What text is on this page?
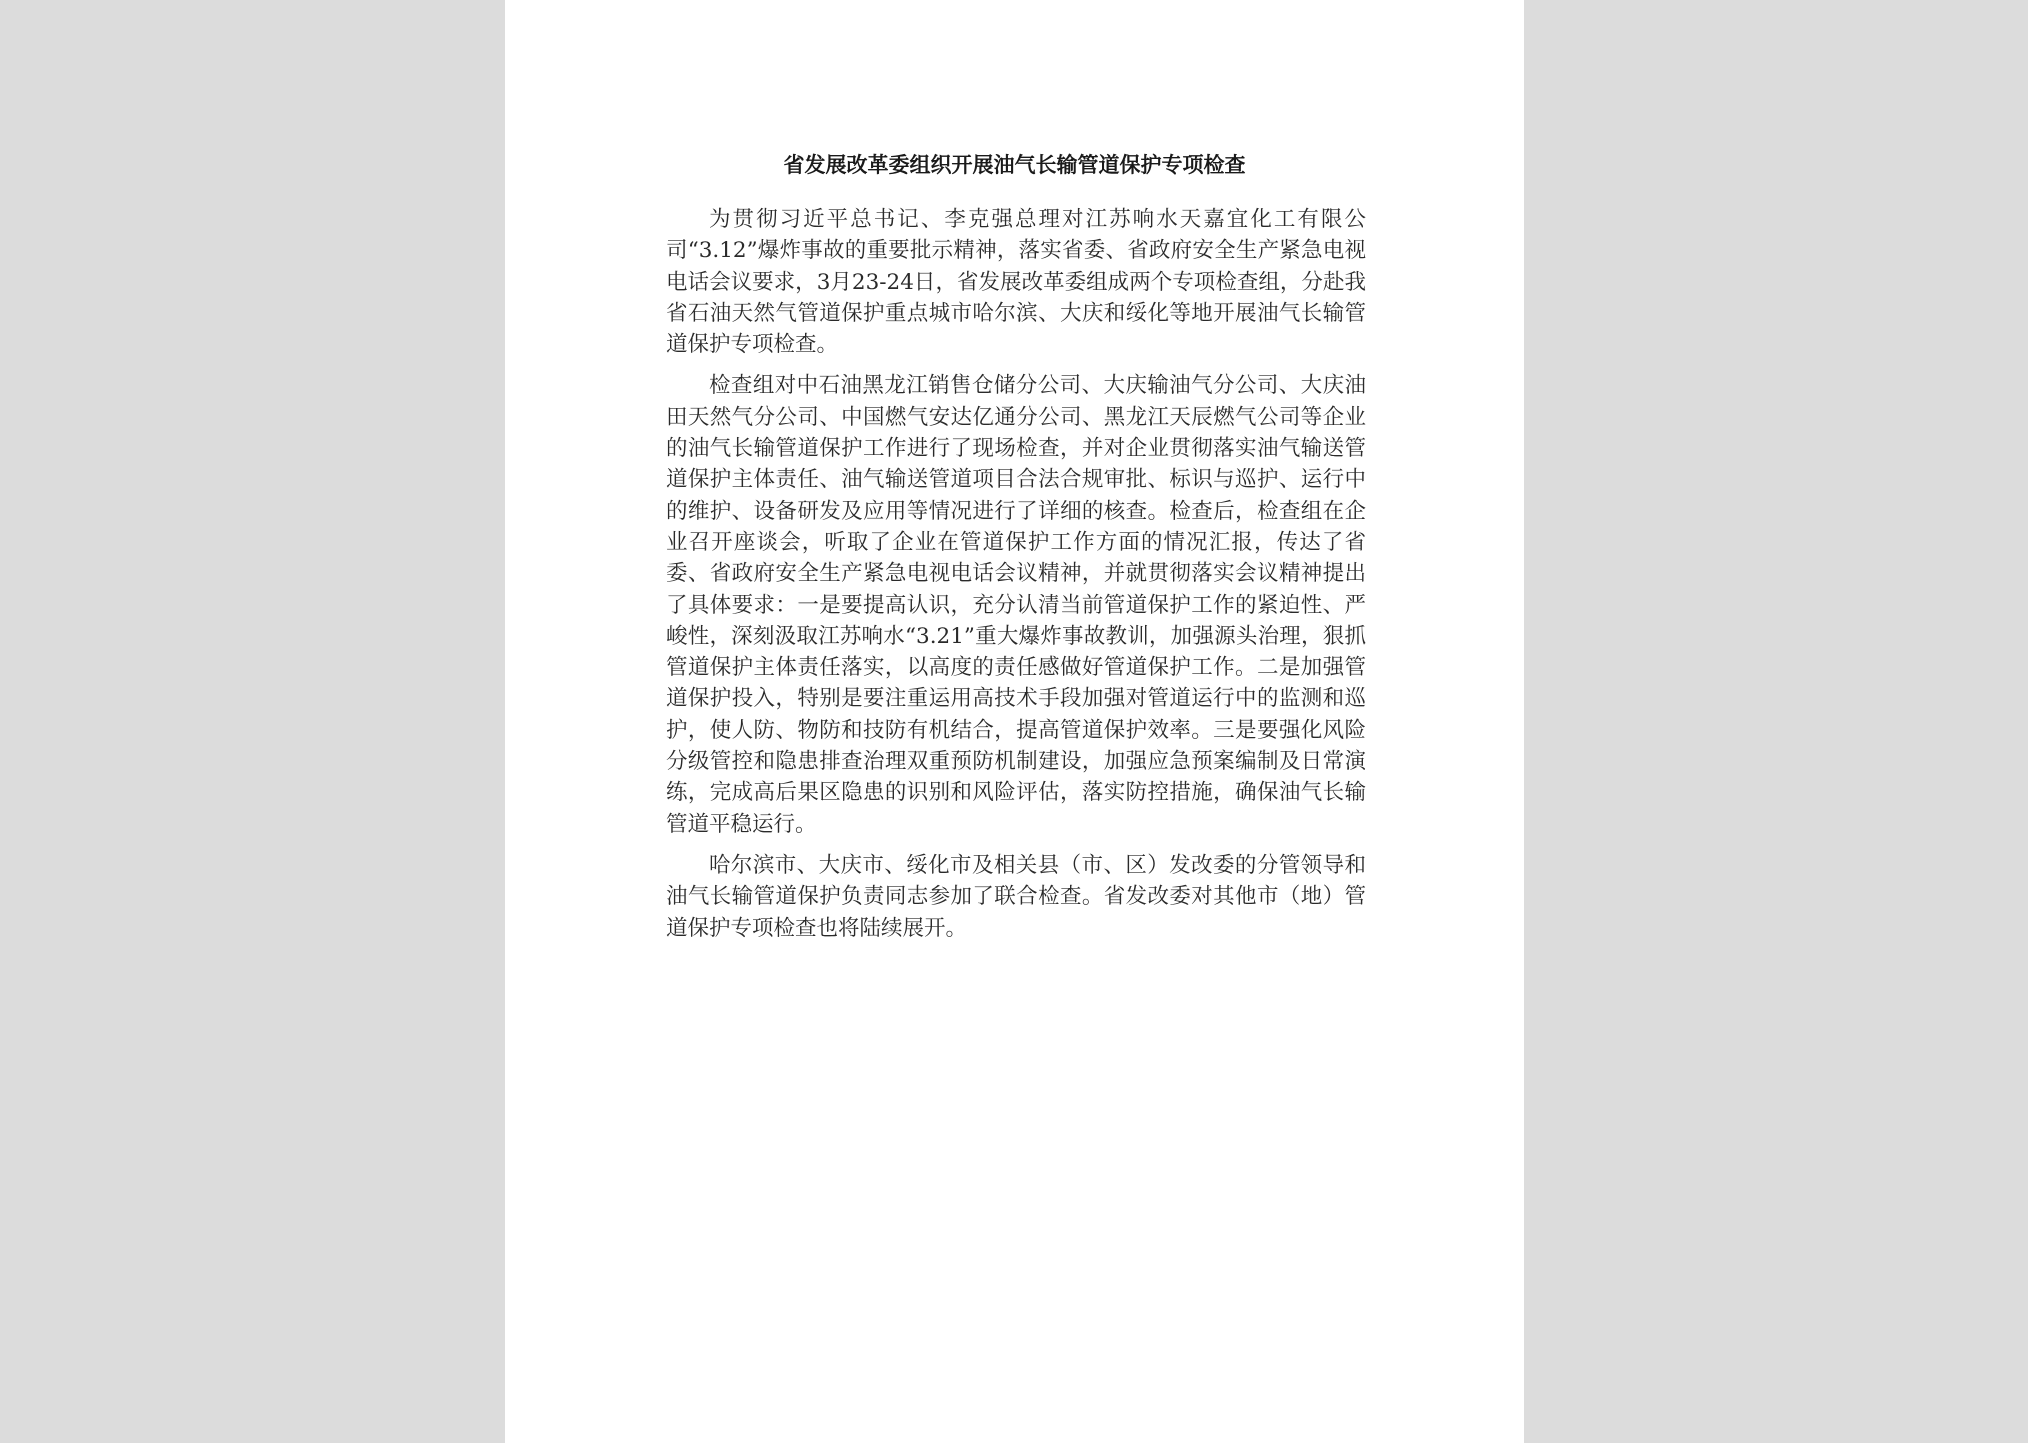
省发展改革委组织开展油气长输管道保护专项检查

为贯彻习近平总书记、李克强总理对江苏响水天嘉宜化工有限公司“3.12”爆炸事故的重要批示精神，落实省委、省政府安全生产紧急电视电话会议要求，3月23-24日，省发展改革委组成两个专项检查组，分赴我省石油天然气管道保护重点城市哈尔滨、大庆和绥化等地开展油气长输管道保护专项检查。

检查组对中石油黑龙江销售仓储分公司、大庆输油气分公司、大庆油田天然气分公司、中国燃气安达亿通分公司、黑龙江天辰燃气公司等企业的油气长输管道保护工作进行了现场检查，并对企业贯彻落实油气输送管道保护主体责任、油气输送管道项目合法合规审批、标识与巡护、运行中的维护、设备研发及应用等情况进行了详细的核查。检查后，检查组在企业召开座谈会，听取了企业在管道保护工作方面的情况汇报，传达了省委、省政府安全生产紧急电视电话会议精神，并就贯彻落实会议精神提出了具体要求：一是要提高认识，充分认清当前管道保护工作的紧迫性、严峻性，深刻汲取江苏响水“3.21”重大爆炸事故教训，加强源头治理，狠抓管道保护主体责任落实，以高度的责任感做好管道保护工作。二是加强管道保护投入，特别是要注重运用高技术手段加强对管道运行中的监测和巡护，使人防、物防和技防有机结合，提高管道保护效率。三是要强化风险分级管控和隐患排查治理双重预防机制建设，加强应急预案编制及日常演练，完成高后果区隐患的识别和风险评估，落实防控措施，确保油气长输管道平稳运行。

哈尔滨市、大庆市、绥化市及相关县（市、区）发改委的分管领导和油气长输管道保护负责同志参加了联合检查。省发改委对其他市（地）管道保护专项检查也将陆续展开。
